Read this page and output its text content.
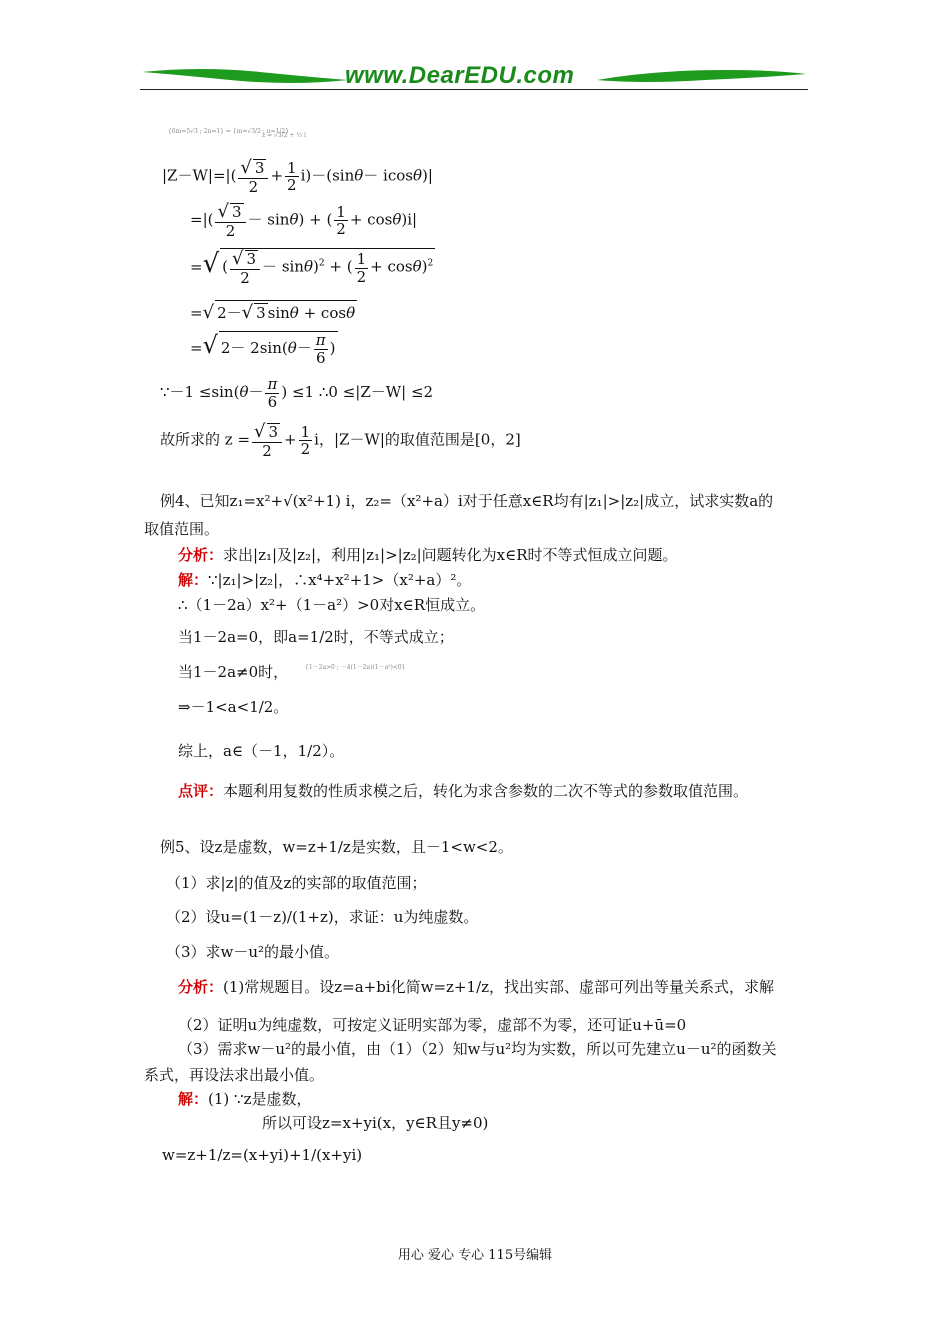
www.DearEDU.com
{6m=5√3 ; 2n=1} ⇒ {m=√3/2 ; n=1/2}
z = √3/2 + ½ i
$|Z-W|=|( \frac{√ 3}{2} + \frac{1}{2} i)-(\sin\theta- icos\theta)|$
=|( $\frac{√ 3}{2} - \sin\theta$) + ( $\frac{1}{2} + \cos\theta)i|$
=√ ( $\frac{√ 3}{2} - \sin\theta)^2$ + ( $\frac{1}{2} + \cos\theta)^2$
=√ 2－√ 3 sinθ + cosθ
=√ $2- 2\sin(\theta- \frac{\pi}{6}$ )
∵－1 $\le\sin(\theta- \frac{\pi}{6}$ ) ≤1 ∴0 ≤|Z－W| ≤2
故所求的 $z = \frac{√ 3}{2} + \frac{1}{2}$ i，|Z－W|的取值范围是[0，2]
例4、已知z₁=x²+√(x²+1) i，z₂=（x²+a）i对于任意x∈R均有|z₁|>|z₂|成立，试求实数a的
取值范围。
分析：求出|z₁|及|z₂|，利用|z₁|>|z₂|问题转化为x∈R时不等式恒成立问题。
解：∵|z₁|>|z₂|，∴x⁴+x²+1>（x²+a）²。
∴（1－2a）x²+（1－a²）>0对x∈R恒成立。
当1－2a=0，即a=1/2时，不等式成立；
当1－2a≠0时，	{1－2a>0 ; －4(1－2a)(1－a²)<0}
⇒－1<a<1/2。
综上，a∈（－1，1/2）。
点评：本题利用复数的性质求模之后，转化为求含参数的二次不等式的参数取值范围。
例5、设z是虚数，w=z+1/z是实数，且－1<w<2。
（1）求|z|的值及z的实部的取值范围；
（2）设u=(1－z)/(1+z)，求证：u为纯虚数。
（3）求w－u²的最小值。
分析：(1)常规题目。设z=a+bi化简w=z+1/z，找出实部、虚部可列出等量关系式，求解
（2）证明u为纯虚数，可按定义证明实部为零，虚部不为零，还可证u+ū=0
（3）需求w－u²的最小值，由（1）（2）知w与u²均为实数，所以可先建立u－u²的函数关
系式，再设法求出最小值。
解：(1) ∵z是虚数，
所以可设z=x+yi(x，y∈R且y≠0)
w=z+1/z=(x+yi)+1/(x+yi)
用心 爱心 专心 115号编辑
